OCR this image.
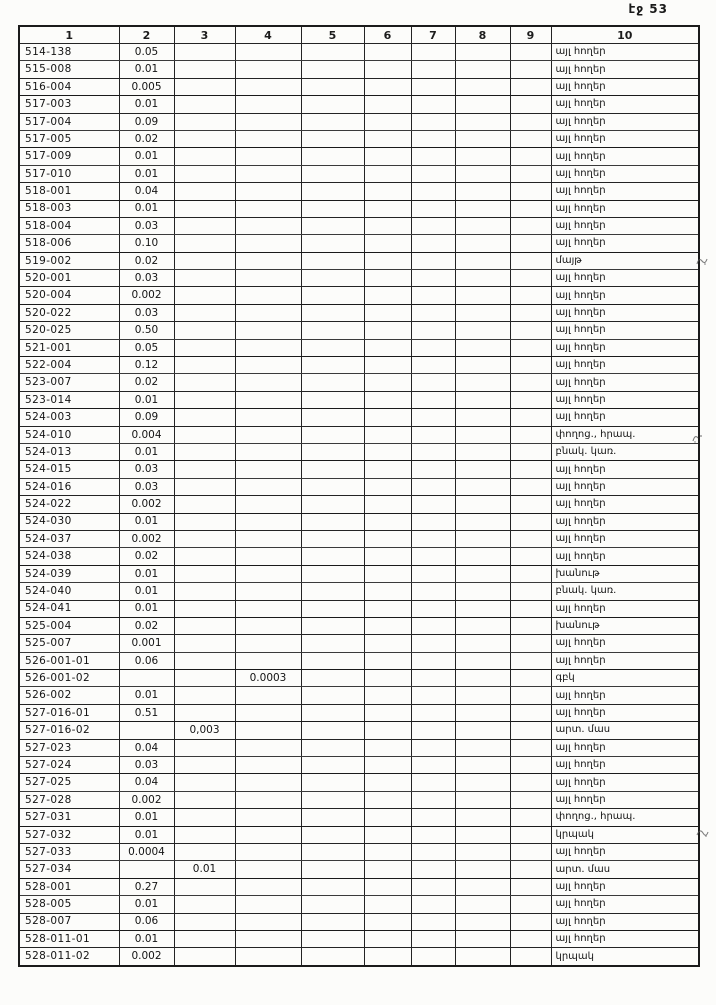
էջ 53
1	2	3	4	5	6	7	8	9	10
514-138	0.05								այլ հողեր
515-008	0.01								այլ հողեր
516-004	0.005								այլ հողեր
517-003	0.01								այլ հողեր
517-004	0.09								այլ հողեր
517-005	0.02								այլ հողեր
517-009	0.01								այլ հողեր
517-010	0.01								այլ հողեր
518-001	0.04								այլ հողեր
518-003	0.01								այլ հողեր
518-004	0.03								այլ հողեր
518-006	0.10								այլ հողեր
519-002	0.02								մայթ
520-001	0.03								այլ հողեր
520-004	0.002								այլ հողեր
520-022	0.03								այլ հողեր
520-025	0.50								այլ հողեր
521-001	0.05								այլ հողեր
522-004	0.12								այլ հողեր
523-007	0.02								այլ հողեր
523-014	0.01								այլ հողեր
524-003	0.09								այլ հողեր
524-010	0.004								փողոց., հրապ.
524-013	0.01								բնակ. կառ.
524-015	0.03								այլ հողեր
524-016	0.03								այլ հողեր
524-022	0.002								այլ հողեր
524-030	0.01								այլ հողեր
524-037	0.002								այլ հողեր
524-038	0.02								այլ հողեր
524-039	0.01								խանութ
524-040	0.01								բնակ. կառ.
524-041	0.01								այլ հողեր
525-004	0.02								խանութ
525-007	0.001								այլ հողեր
526-001-01	0.06								այլ հողեր
526-001-02			0.0003						գբկ
526-002	0.01								այլ հողեր
527-016-01	0.51								այլ հողեր
527-016-02		0,003							արտ. մաս
527-023	0.04								այլ հողեր
527-024	0.03								այլ հողեր
527-025	0.04								այլ հողեր
527-028	0.002								այլ հողեր
527-031	0.01								փողոց., հրապ.
527-032	0.01								կրպակ
527-033	0.0004								այլ հողեր
527-034		0.01							արտ. մաս
528-001	0.27								այլ հողեր
528-005	0.01								այլ հողեր
528-007	0.06								այլ հողեր
528-011-01	0.01								այլ հողեր
528-011-02	0.002								կրպակ
